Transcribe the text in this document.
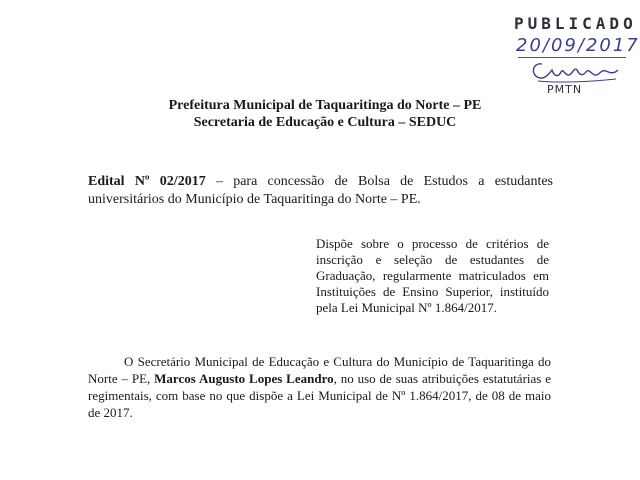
PUBLICADO
20/09/2017
PMTN
Prefeitura Municipal de Taquaritinga do Norte – PE
Secretaria de Educação e Cultura – SEDUC
Edital Nº 02/2017 – para concessão de Bolsa de Estudos a estudantes universitários do Município de Taquaritinga do Norte – PE.
Dispõe sobre o processo de critérios de inscrição e seleção de estudantes de Graduação, regularmente matriculados em Instituições de Ensino Superior, instituído pela Lei Municipal Nº 1.864/2017.
O Secretário Municipal de Educação e Cultura do Município de Taquaritinga do Norte – PE, Marcos Augusto Lopes Leandro, no uso de suas atribuições estatutárias e regimentais, com base no que dispõe a Lei Municipal de Nº 1.864/2017, de 08 de maio de 2017.
